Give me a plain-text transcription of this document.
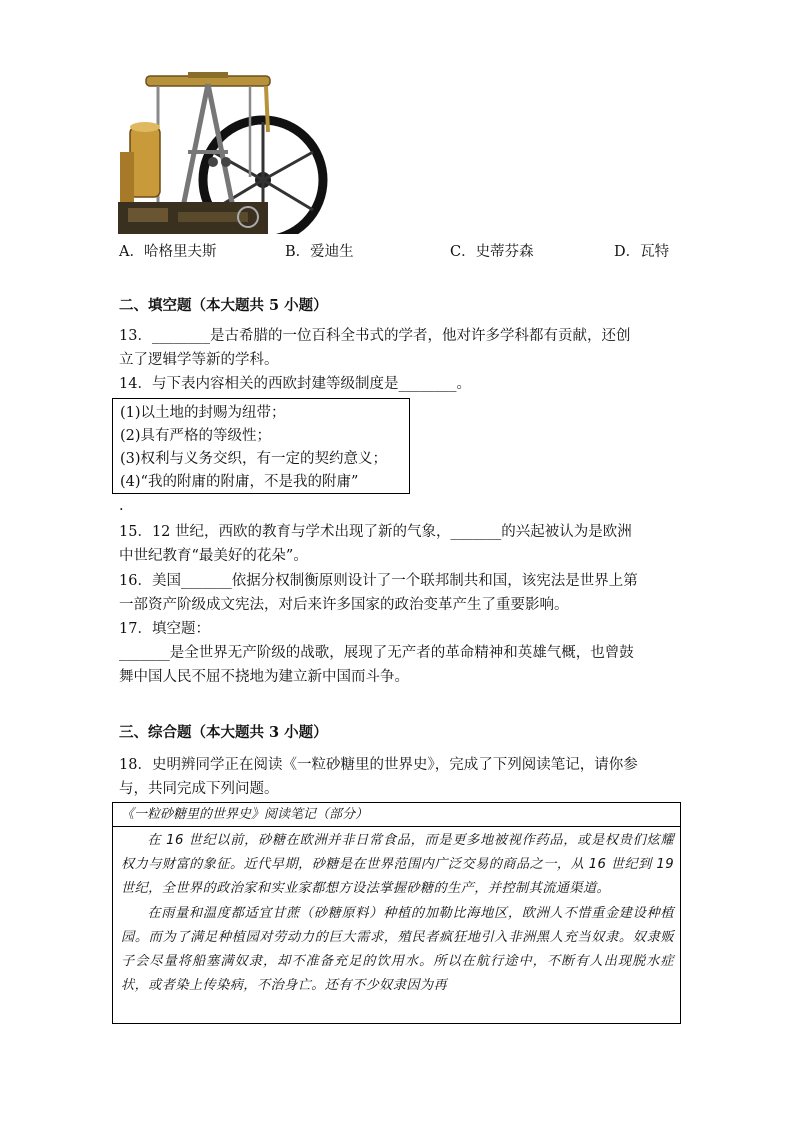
A．哈格里夫斯	B．爱迪生	C．史蒂芬森	D．瓦特
二、填空题（本大题共 5 小题）
13．________是古希腊的一位百科全书式的学者，他对许多学科都有贡献，还创
立了逻辑学等新的学科。
14．与下表内容相关的西欧封建等级制度是________。
(1)以土地的封赐为纽带；
(2)具有严格的等级性；
(3)权利与义务交织，有一定的契约意义；
(4)“我的附庸的附庸，不是我的附庸”
.
15．12 世纪，西欧的教育与学术出现了新的气象，_______的兴起被认为是欧洲
中世纪教育“最美好的花朵”。
16．美国_______依据分权制衡原则设计了一个联邦制共和国，该宪法是世界上第
一部资产阶级成文宪法，对后来许多国家的政治变革产生了重要影响。
17．填空题：
_______是全世界无产阶级的战歌，展现了无产者的革命精神和英雄气概，也曾鼓
舞中国人民不屈不挠地为建立新中国而斗争。
三、综合题（本大题共 3 小题）
18．史明辨同学正在阅读《一粒砂糖里的世界史》，完成了下列阅读笔记，请你参
与，共同完成下列问题。
《一粒砂糖里的世界史》阅读笔记（部分）

在 16 世纪以前，砂糖在欧洲并非日常食品，而是更多地被视作药品，或是权贵们炫耀权力与财富的象征。近代早期，砂糖是在世界范围内广泛交易的商品之一，从 16 世纪到 19 世纪，全世界的政治家和实业家都想方设法掌握砂糖的生产，并控制其流通渠道。

在雨量和温度都适宜甘蔗（砂糖原料）种植的加勒比海地区，欧洲人不惜重金建设种植园。而为了满足种植园对劳动力的巨大需求，殖民者疯狂地引入非洲黑人充当奴隶。奴隶贩子会尽量将船塞满奴隶，却不准备充足的饮用水。所以在航行途中，不断有人出现脱水症状，或者染上传染病，不治身亡。还有不少奴隶因为再
